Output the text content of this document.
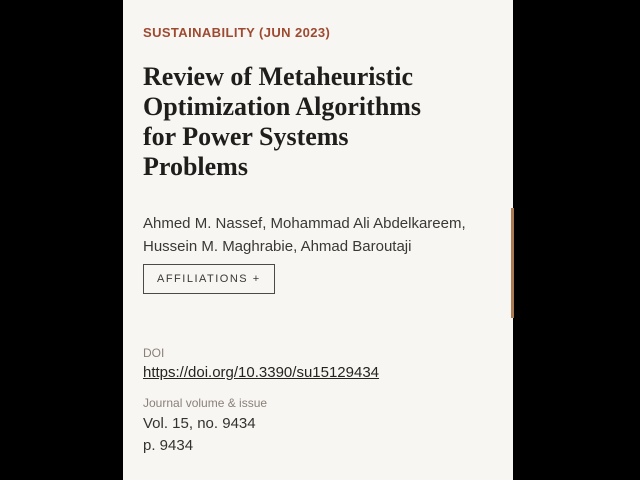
SUSTAINABILITY (JUN 2023)
Review of Metaheuristic
Optimization Algorithms
for Power Systems
Problems

Ahmed M. Nassef, Mohammad Ali Abdelkareem,
Hussein M. Maghrabie, Ahmad Baroutaji

AFFILIATIONS +
DOI
https://doi.org/10.3390/su15129434
Journal volume & issue
Vol. 15, no. 9434
p. 9434
